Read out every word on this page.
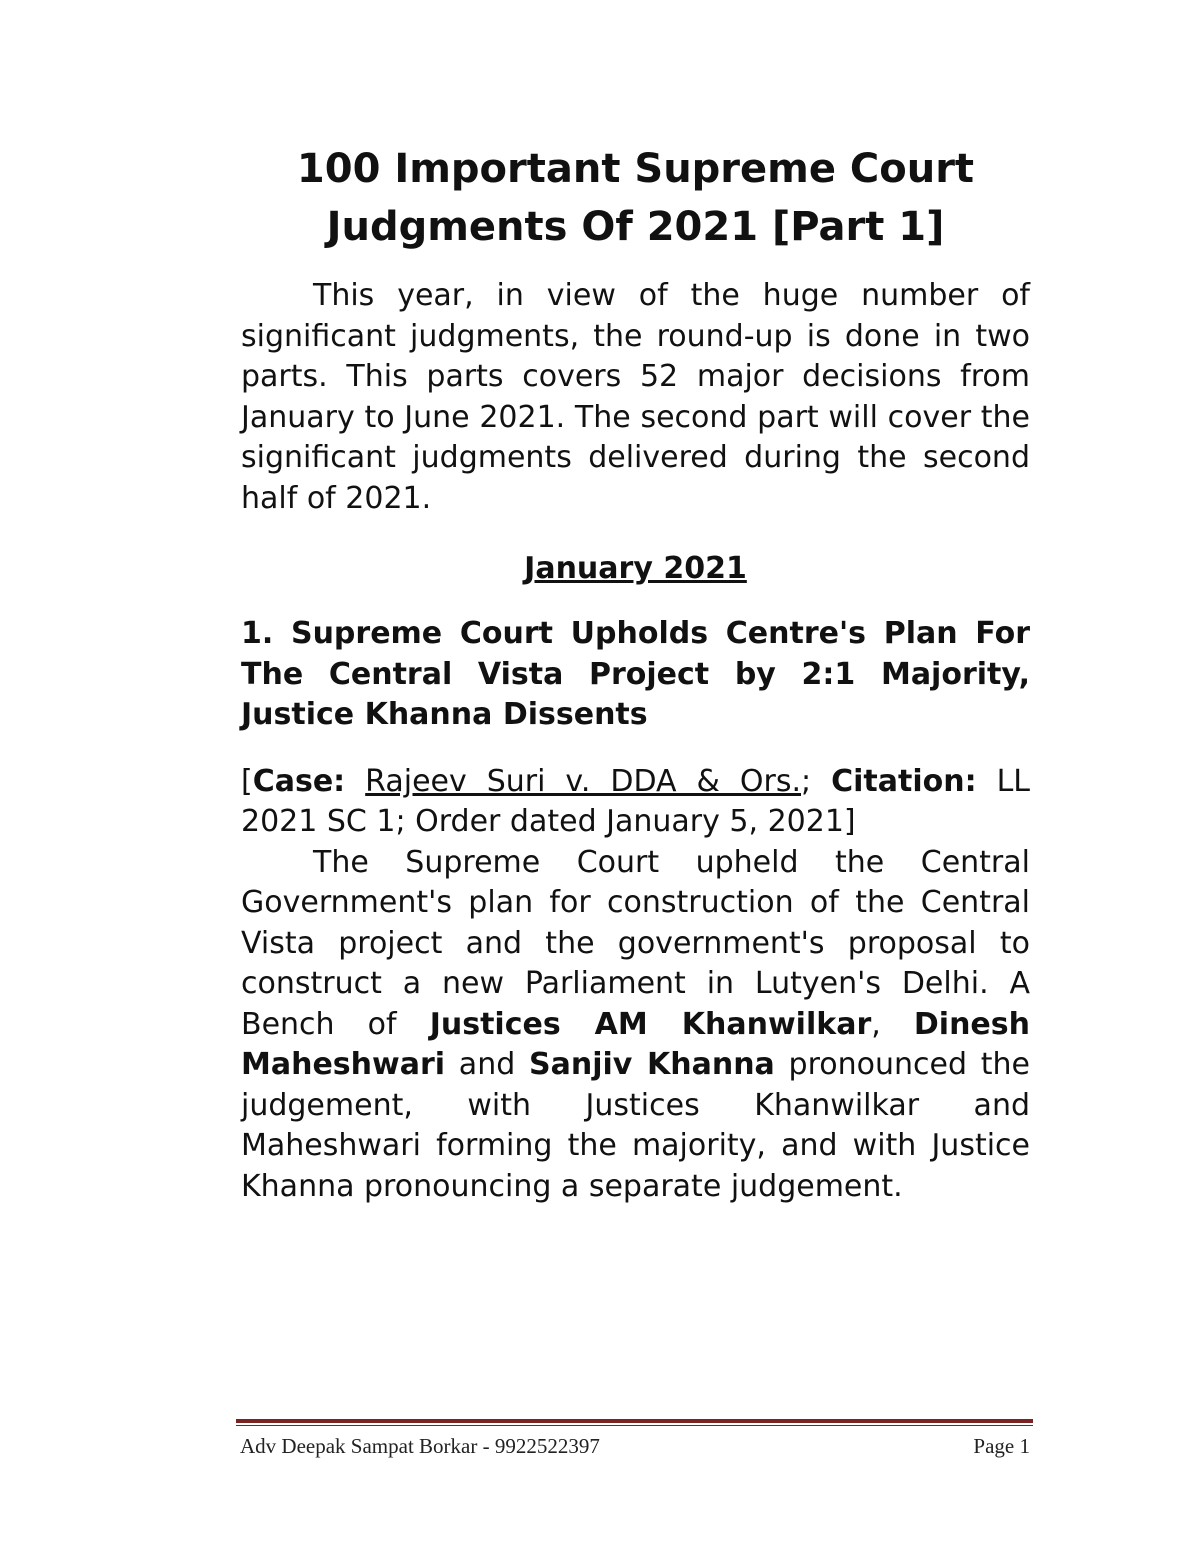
100 Important Supreme Court
Judgments Of 2021 [Part 1]

This year, in view of the huge number of significant judgments, the round-up is done in two parts. This parts covers 52 major decisions from January to June 2021. The second part will cover the significant judgments delivered during the second half of 2021.

January 2021
1. Supreme Court Upholds Centre's Plan For The Central Vista Project by 2:1 Majority, Justice Khanna Dissents

[Case: Rajeev Suri v. DDA & Ors.; Citation: LL 2021 SC 1; Order dated January 5, 2021]

The Supreme Court upheld the Central Government's plan for construction of the Central Vista project and the government's proposal to construct a new Parliament in Lutyen's Delhi. A Bench of Justices AM Khanwilkar, Dinesh Maheshwari and Sanjiv Khanna pronounced the judgement, with Justices Khanwilkar and Maheshwari forming the majority, and with Justice Khanna pronouncing a separate judgement.

Adv Deepak Sampat Borkar - 9922522397	Page 1
